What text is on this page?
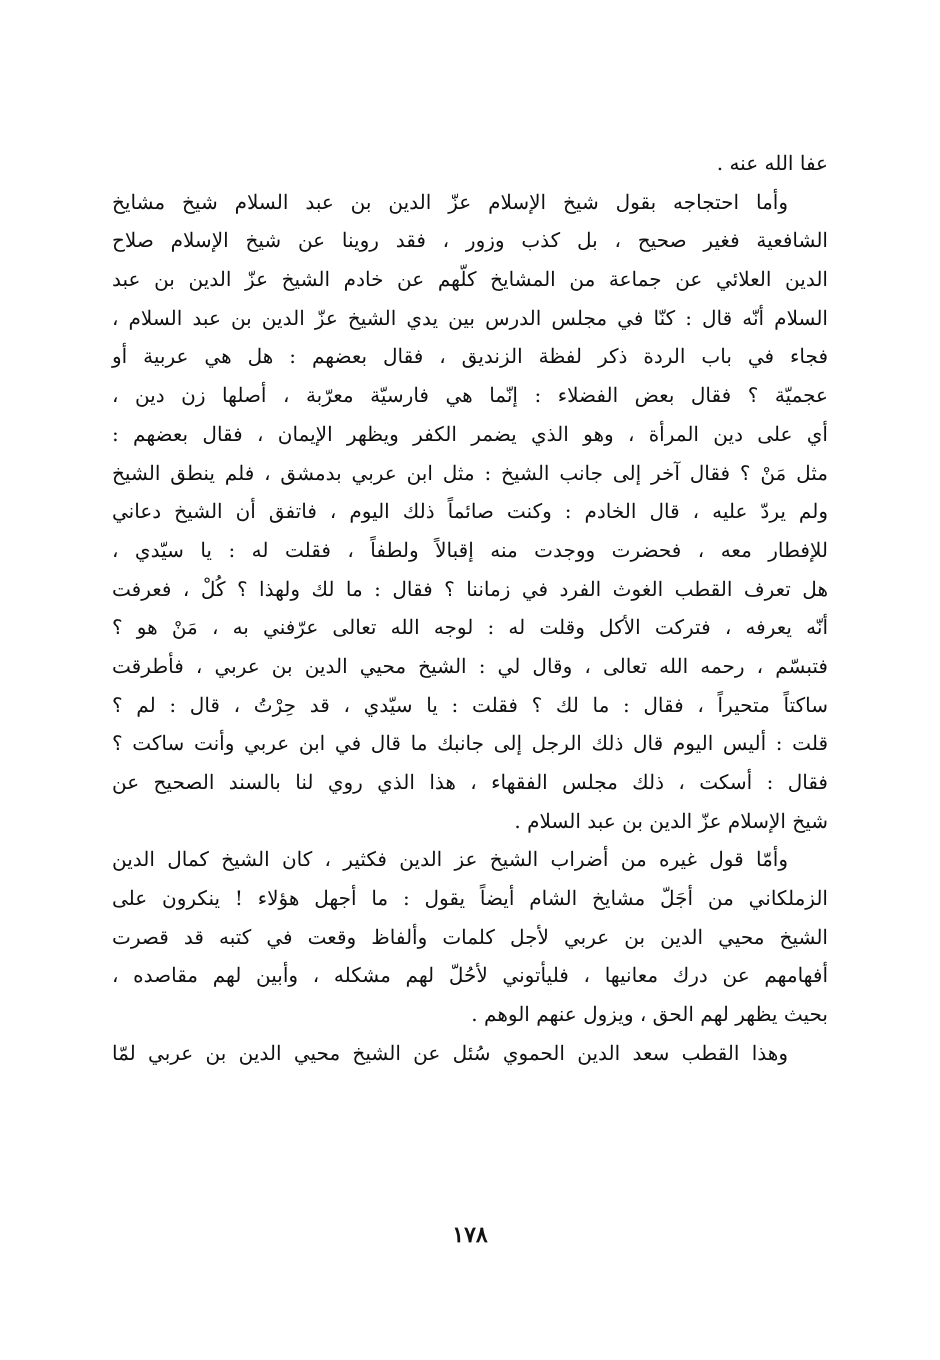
عفا الله عنه .
وأما احتجاجه بقول شيخ الإسلام عزّ الدين بن عبد السلام شيخ مشايخ
الشافعية فغير صحيح ، بل كذب وزور ، فقد روينا عن شيخ الإسلام صلاح
الدين العلائي عن جماعة من المشايخ كلّهم عن خادم الشيخ عزّ الدين بن عبد
السلام أنّه قال : كنّا في مجلس الدرس بين يدي الشيخ عزّ الدين بن عبد السلام ،
فجاء في باب الردة ذكر لفظة الزنديق ، فقال بعضهم : هل هي عربية أو
عجميّة ؟ فقال بعض الفضلاء : إنّما هي فارسيّة معرّبة ، أصلها زن دين ،
أي على دين المرأة ، وهو الذي يضمر الكفر ويظهر الإيمان ، فقال بعضهم :
مثل مَنْ ؟ فقال آخر إلى جانب الشيخ : مثل ابن عربي بدمشق ، فلم ينطق الشيخ
ولم يردّ عليه ، قال الخادم : وكنت صائماً ذلك اليوم ، فاتفق أن الشيخ دعاني
للإفطار معه ، فحضرت ووجدت منه إقبالاً ولطفاً ، فقلت له : يا سيّدي ،
هل تعرف القطب الغوث الفرد في زماننا ؟ فقال : ما لك ولهذا ؟ كُلْ ، فعرفت
أنّه يعرفه ، فتركت الأكل وقلت له : لوجه الله تعالى عرّفني به ، مَنْ هو ؟
فتبسّم ، رحمه الله تعالى ، وقال لي : الشيخ محيي الدين بن عربي ، فأطرقت
ساكتاً متحيراً ، فقال : ما لك ؟ فقلت : يا سيّدي ، قد حِرْتُ ، قال : لم ؟
قلت : أليس اليوم قال ذلك الرجل إلى جانبك ما قال في ابن عربي وأنت ساكت ؟
فقال : أسكت ، ذلك مجلس الفقهاء ، هذا الذي روي لنا بالسند الصحيح عن
شيخ الإسلام عزّ الدين بن عبد السلام .
وأمّا قول غيره من أضراب الشيخ عز الدين فكثير ، كان الشيخ كمال الدين
الزملكاني من أجَلّ مشايخ الشام أيضاً يقول : ما أجهل هؤلاء ! ينكرون على
الشيخ محيي الدين بن عربي لأجل كلمات وألفاظ وقعت في كتبه قد قصرت
أفهامهم عن درك معانيها ، فليأتوني لأحُلّ لهم مشكله ، وأبين لهم مقاصده ،
بحيث يظهر لهم الحق ، ويزول عنهم الوهم .
وهذا القطب سعد الدين الحموي سُئل عن الشيخ محيي الدين بن عربي لمّا
١٧٨
